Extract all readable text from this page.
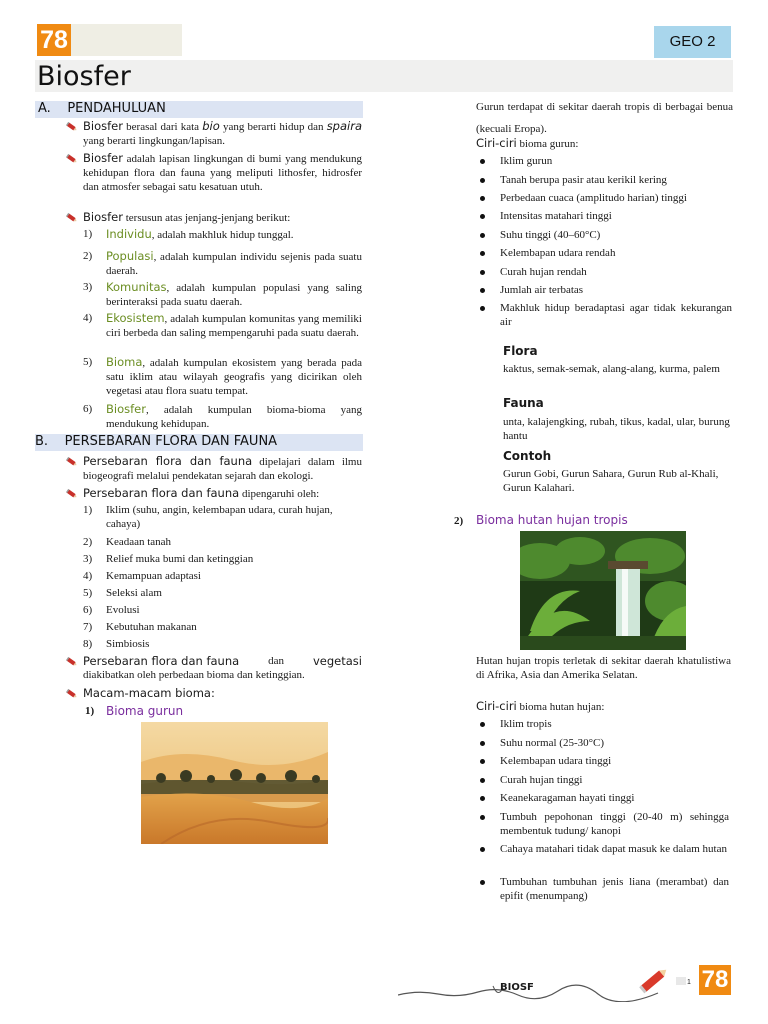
78	GEO 2
Biosfer
A.    PENDAHULUAN
Biosfer berasal dari kata bio yang berarti hidup dan spaira yang berarti lingkungan/lapisan.
Biosfer adalah lapisan lingkungan di bumi yang mendukung kehidupan flora dan fauna yang meliputi lithosfer, hidrosfer dan atmosfer sebagai satu kesatuan utuh.
Biosfer tersusun atas jenjang-jenjang berikut:
1) Individu, adalah makhluk hidup tunggal.
2) Populasi, adalah kumpulan individu sejenis pada suatu daerah.
3) Komunitas, adalah kumpulan populasi yang saling berinteraksi pada suatu daerah.
4) Ekosistem, adalah kumpulan komunitas yang memiliki ciri berbeda dan saling mempengaruhi pada suatu daerah.
5) Bioma, adalah kumpulan ekosistem yang berada pada satu iklim atau wilayah geografis yang dicirikan oleh vegetasi atau flora suatu tempat.
6) Biosfer, adalah kumpulan bioma-bioma yang mendukung kehidupan.
B.    PERSEBARAN FLORA DAN FAUNA
Persebaran flora dan fauna dipelajari dalam ilmu biogeografi melalui pendekatan sejarah dan ekologi.
Persebaran flora dan fauna dipengaruhi oleh:
1) Iklim (suhu, angin, kelembapan udara, curah hujan, cahaya)
2) Keadaan tanah
3) Relief muka bumi dan ketinggian
4) Kemampuan adaptasi
5) Seleksi alam
6) Evolusi
7) Kebutuhan makanan
8) Simbiosis
Persebaran flora dan fauna	dan	vegetasi
diakibatkan oleh perbedaan bioma dan ketinggian.
Macam-macam bioma:
1) Bioma gurun
Gurun terdapat di sekitar daerah tropis di berbagai benua (kecuali Eropa).
Ciri-ciri bioma gurun:
Iklim gurun
Tanah berupa pasir atau kerikil kering
Perbedaan cuaca (amplitudo harian) tinggi
Intensitas matahari tinggi
Suhu tinggi (40–60°C)
Kelembapan udara rendah
Curah hujan rendah
Jumlah air terbatas
Makhluk hidup beradaptasi agar tidak kekurangan air
Flora
kaktus, semak-semak, alang-alang, kurma, palem
Fauna
unta, kalajengking, rubah, tikus, kadal, ular, burung hantu
Contoh
Gurun Gobi, Gurun Sahara, Gurun Rub al-Khali, Gurun Kalahari.
2) Bioma hutan hujan tropis
Hutan hujan tropis terletak di sekitar daerah khatulistiwa di Afrika, Asia dan Amerika Selatan.
Ciri-ciri bioma hutan hujan:
Iklim tropis
Suhu normal (25-30°C)
Kelembapan udara tinggi
Curah hujan tinggi
Keanekaragaman hayati tinggi
Tumbuh pepohonan tinggi (20-40 m) sehingga membentuk tudung/ kanopi
Cahaya matahari tidak dapat masuk ke dalam hutan
Tumbuhan tumbuhan jenis liana (merambat) dan epifit (menumpang)
BIOSF	1 78
